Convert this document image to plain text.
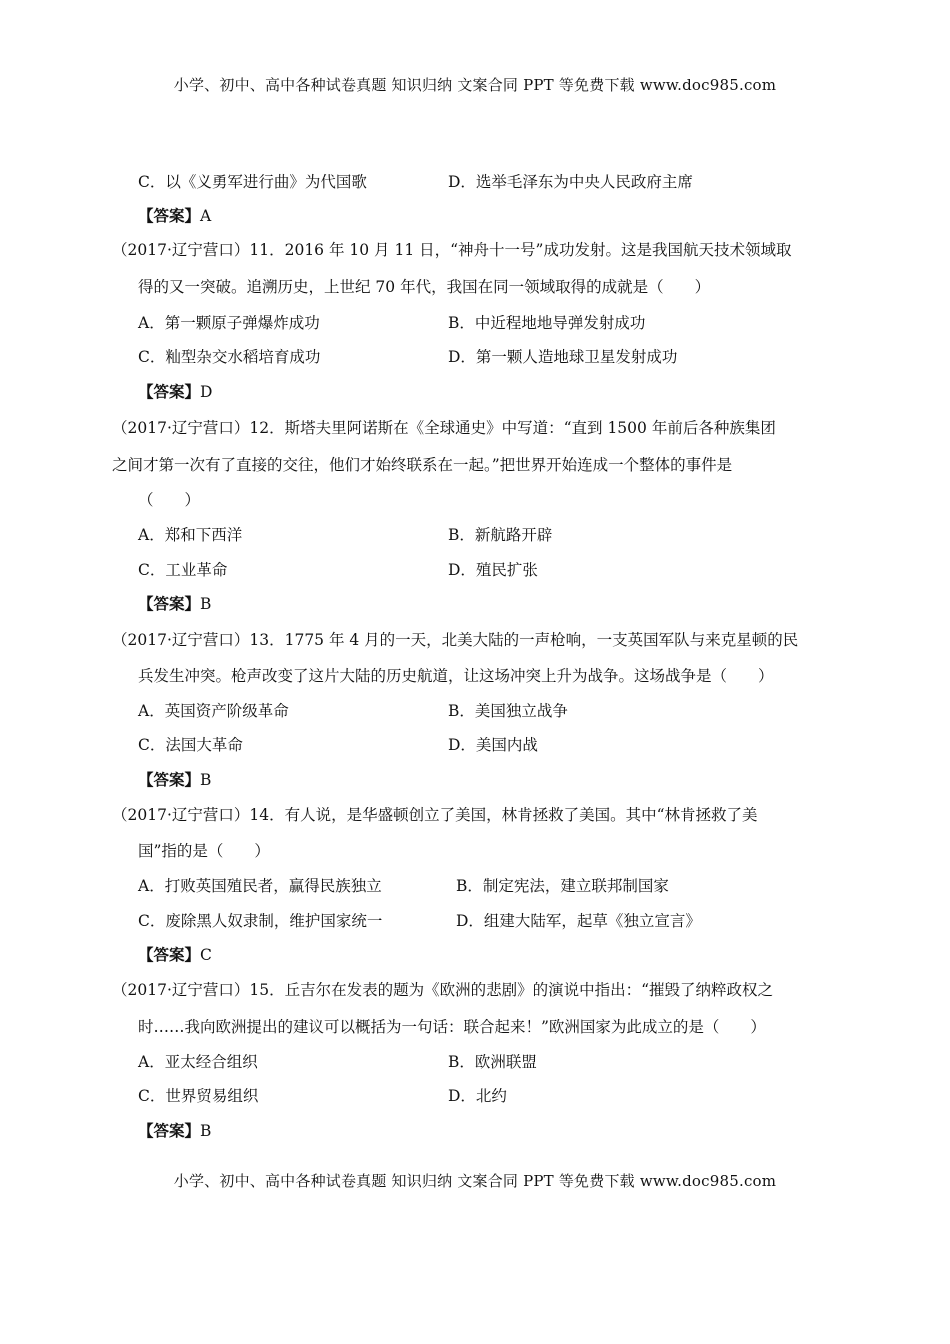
小学、初中、高中各种试卷真题 知识归纳 文案合同 PPT 等免费下载 www.doc985.com
C．以《义勇军进行曲》为代国歌	D．选举毛泽东为中央人民政府主席
【答案】A
（2017·辽宁营口）11．2016 年 10 月 11 日，“神舟十一号”成功发射。这是我国航天技术领域取
得的又一突破。追溯历史，上世纪 70 年代，我国在同一领域取得的成就是（　　）
A．第一颗原子弹爆炸成功	B．中近程地地导弹发射成功
C．籼型杂交水稻培育成功	D．第一颗人造地球卫星发射成功
【答案】D
（2017·辽宁营口）12．斯塔夫里阿诺斯在《全球通史》中写道：“直到 1500 年前后各种族集团
之间才第一次有了直接的交往，他们才始终联系在一起。”把世界开始连成一个整体的事件是
（　　）
A．郑和下西洋	B．新航路开辟
C．工业革命	D．殖民扩张
【答案】B
（2017·辽宁营口）13．1775 年 4 月的一天，北美大陆的一声枪响，一支英国军队与来克星顿的民
兵发生冲突。枪声改变了这片大陆的历史航道，让这场冲突上升为战争。这场战争是（　　）
A．英国资产阶级革命	B．美国独立战争
C．法国大革命	D．美国内战
【答案】B
（2017·辽宁营口）14．有人说，是华盛顿创立了美国，林肯拯救了美国。其中“林肯拯救了美
国”指的是（　　）
A．打败英国殖民者，赢得民族独立	B．制定宪法，建立联邦制国家
C．废除黑人奴隶制，维护国家统一	D．组建大陆军，起草《独立宣言》
【答案】C
（2017·辽宁营口）15．丘吉尔在发表的题为《欧洲的悲剧》的演说中指出：“摧毁了纳粹政权之
时……我向欧洲提出的建议可以概括为一句话：联合起来！”欧洲国家为此成立的是（　　）
A．亚太经合组织	B．欧洲联盟
C．世界贸易组织	D．北约
【答案】B
小学、初中、高中各种试卷真题 知识归纳 文案合同 PPT 等免费下载 www.doc985.com
